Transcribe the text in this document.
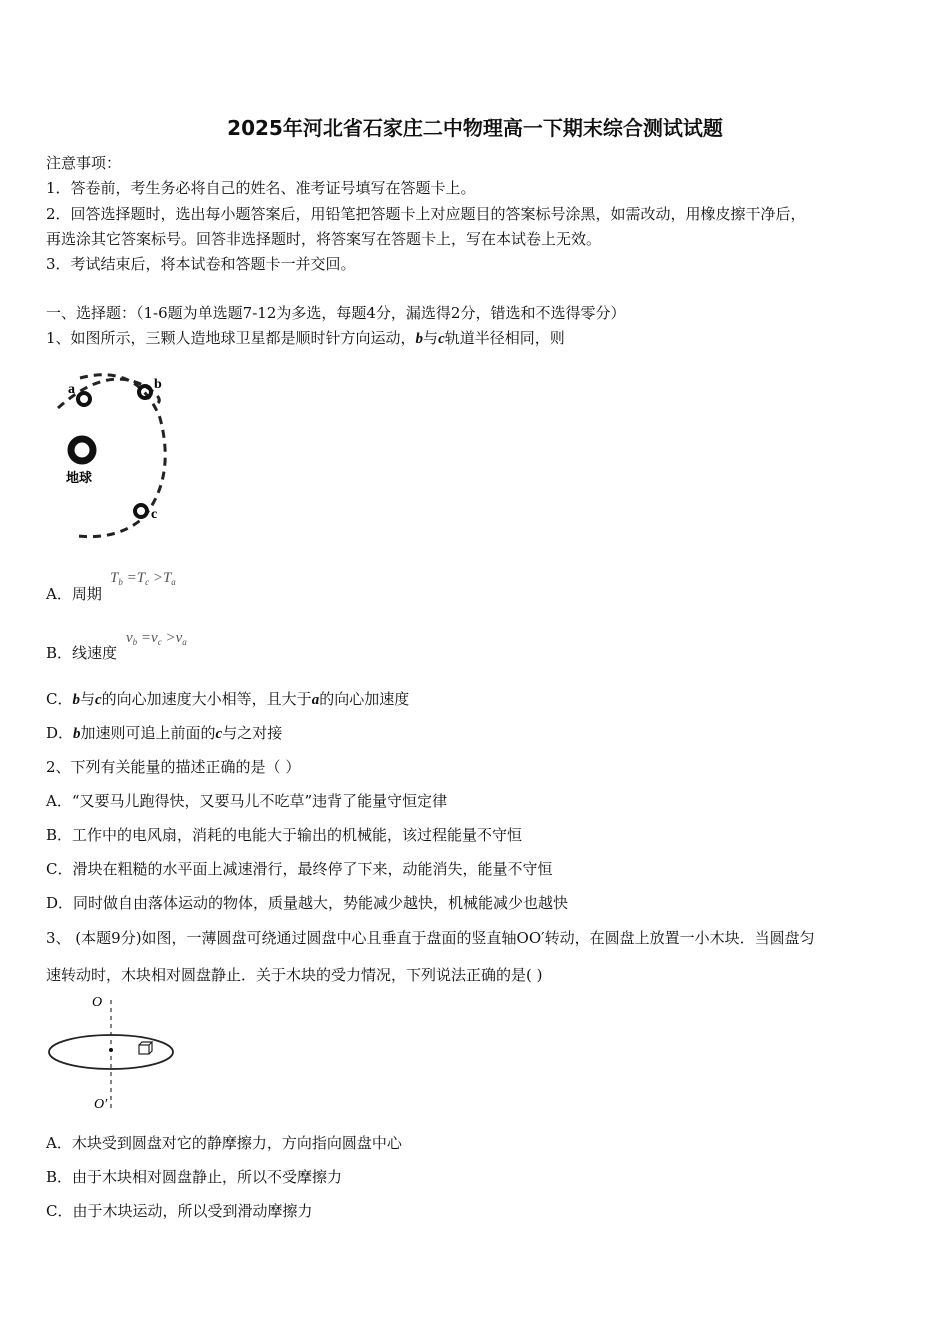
2025年河北省石家庄二中物理高一下期末综合测试试题
注意事项：
1．答卷前，考生务必将自己的姓名、准考证号填写在答题卡上。
2．回答选择题时，选出每小题答案后，用铅笔把答题卡上对应题目的答案标号涂黑，如需改动，用橡皮擦干净后，
再选涂其它答案标号。回答非选择题时，将答案写在答题卡上，写在本试卷上无效。
3．考试结束后，将本试卷和答题卡一并交回。
一、选择题：（1-6题为单选题7-12为多选，每题4分，漏选得2分，错选和不选得零分）
1、如图所示，三颗人造地球卫星都是顺时针方向运动，b与c轨道半径相同，则
a	b
c
地球
A．周期
$T_b =T_c >T_a$
B．线速度
$v_b =v_c >v_a$
C．b与c的向心加速度大小相等，且大于a的向心加速度
D．b加速则可追上前面的c与之对接
2、下列有关能量的描述正确的是（ ）
A．“又要马儿跑得快，又要马儿不吃草”违背了能量守恒定律
B．工作中的电风扇，消耗的电能大于输出的机械能，该过程能量不守恒
C．滑块在粗糙的水平面上减速滑行，最终停了下来，动能消失，能量不守恒
D．同时做自由落体运动的物体，质量越大，势能减少越快，机械能减少也越快
3、 (本题9分)如图，一薄圆盘可绕通过圆盘中心且垂直于盘面的竖直轴OO′转动，在圆盘上放置一小木块．当圆盘匀
速转动时，木块相对圆盘静止．关于木块的受力情况，下列说法正确的是( )
O
O′
A．木块受到圆盘对它的静摩擦力，方向指向圆盘中心
B．由于木块相对圆盘静止，所以不受摩擦力
C．由于木块运动，所以受到滑动摩擦力
